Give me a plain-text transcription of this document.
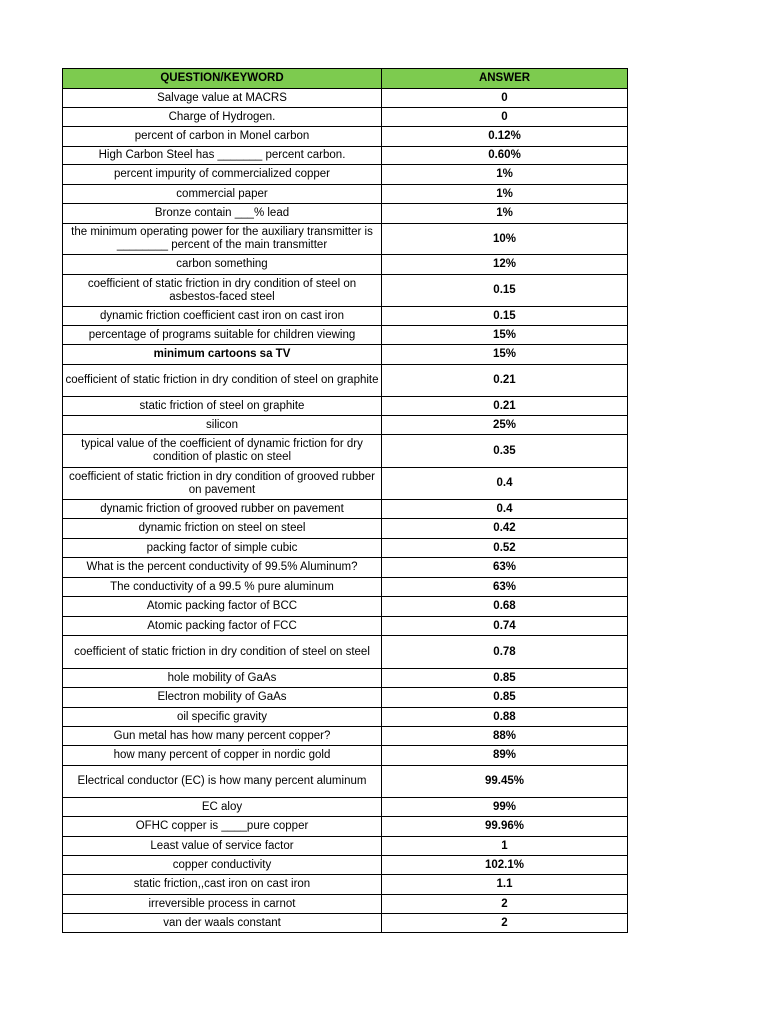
QUESTION/KEYWORD	ANSWER
Salvage value at MACRS	0
Charge of Hydrogen.	0
percent of carbon in Monel carbon	0.12%
High Carbon Steel has _______ percent carbon.	0.60%
percent impurity of commercialized copper	1%
commercial paper	1%
Bronze contain ___% lead	1%
the minimum operating power for the auxiliary transmitter is ________ percent of the main transmitter	10%
carbon something	12%
coefficient of static friction in dry condition of steel on asbestos-faced steel	0.15
dynamic friction coefficient cast iron on cast iron	0.15
percentage of programs suitable for children viewing	15%
minimum cartoons sa TV	15%
coefficient of static friction in dry condition of steel on graphite	0.21
static friction of steel on graphite	0.21
silicon	25%
typical value of the coefficient of dynamic friction for dry condition of plastic on steel	0.35
coefficient of static friction in dry condition of grooved rubber on pavement	0.4
dynamic friction of grooved rubber on pavement	0.4
dynamic friction on steel on steel	0.42
packing factor of simple cubic	0.52
What is the percent conductivity of 99.5% Aluminum?	63%
The conductivity of a 99.5 % pure aluminum	63%
Atomic packing factor of BCC	0.68
Atomic packing factor of FCC	0.74
coefficient of static friction in dry condition of steel on steel	0.78
hole mobility of GaAs	0.85
Electron mobility of GaAs	0.85
oil specific gravity	0.88
Gun metal has how many percent copper?	88%
how many percent of copper in nordic gold	89%
Electrical conductor (EC) is how many percent aluminum	99.45%
EC aloy	99%
OFHC copper is ____pure copper	99.96%
Least value of service factor	1
copper conductivity	102.1%
static friction,,cast iron on cast iron	1.1
irreversible process in carnot	2
van der waals constant	2
